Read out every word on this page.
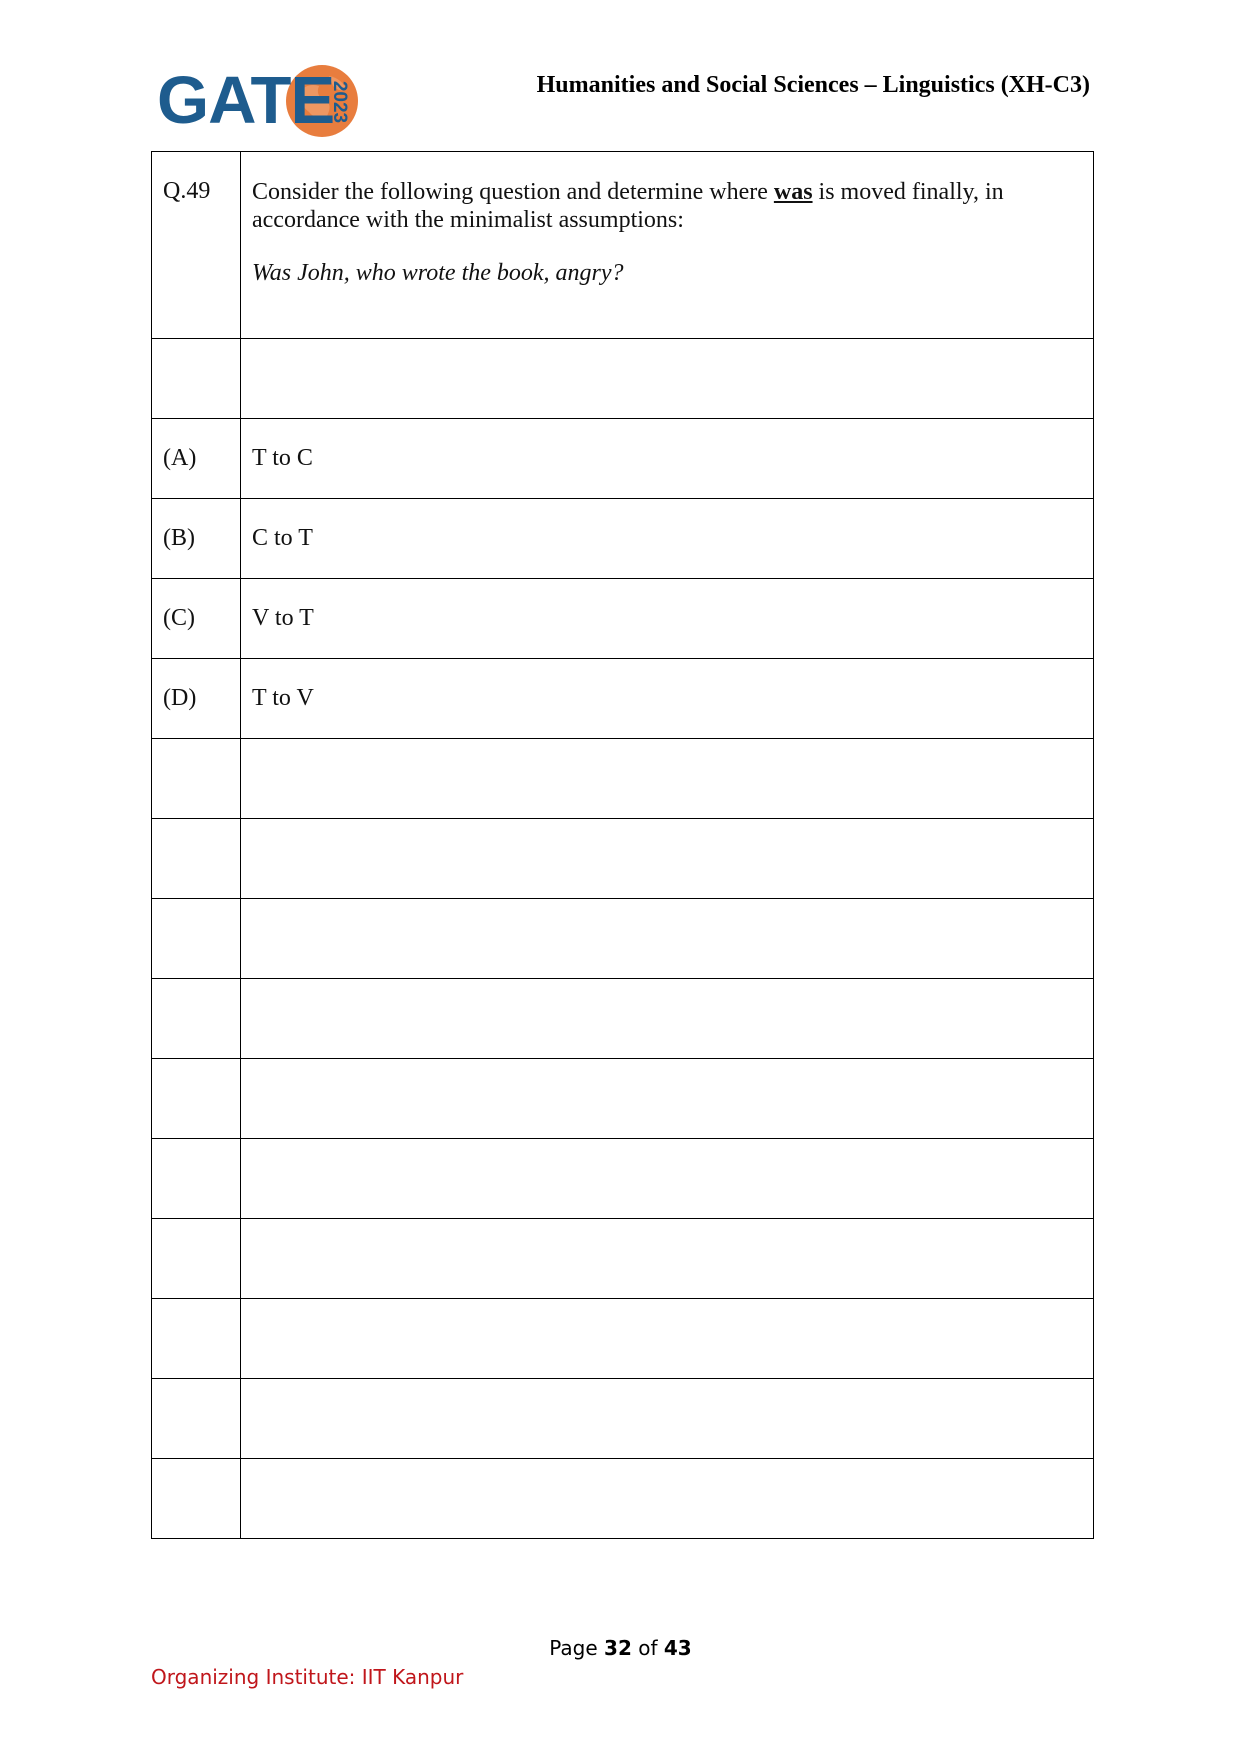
GATE
2023	Humanities and Social Sciences – Linguistics (XH-C3)
Q.49	Consider the following question and determine where was is moved finally, in accordance with the minimalist assumptions:
Was John, who wrote the book, angry?

(A)	T to C
(B)	C to T
(C)	V to T
(D)	T to V

Page 32 of 43
Organizing Institute: IIT Kanpur
